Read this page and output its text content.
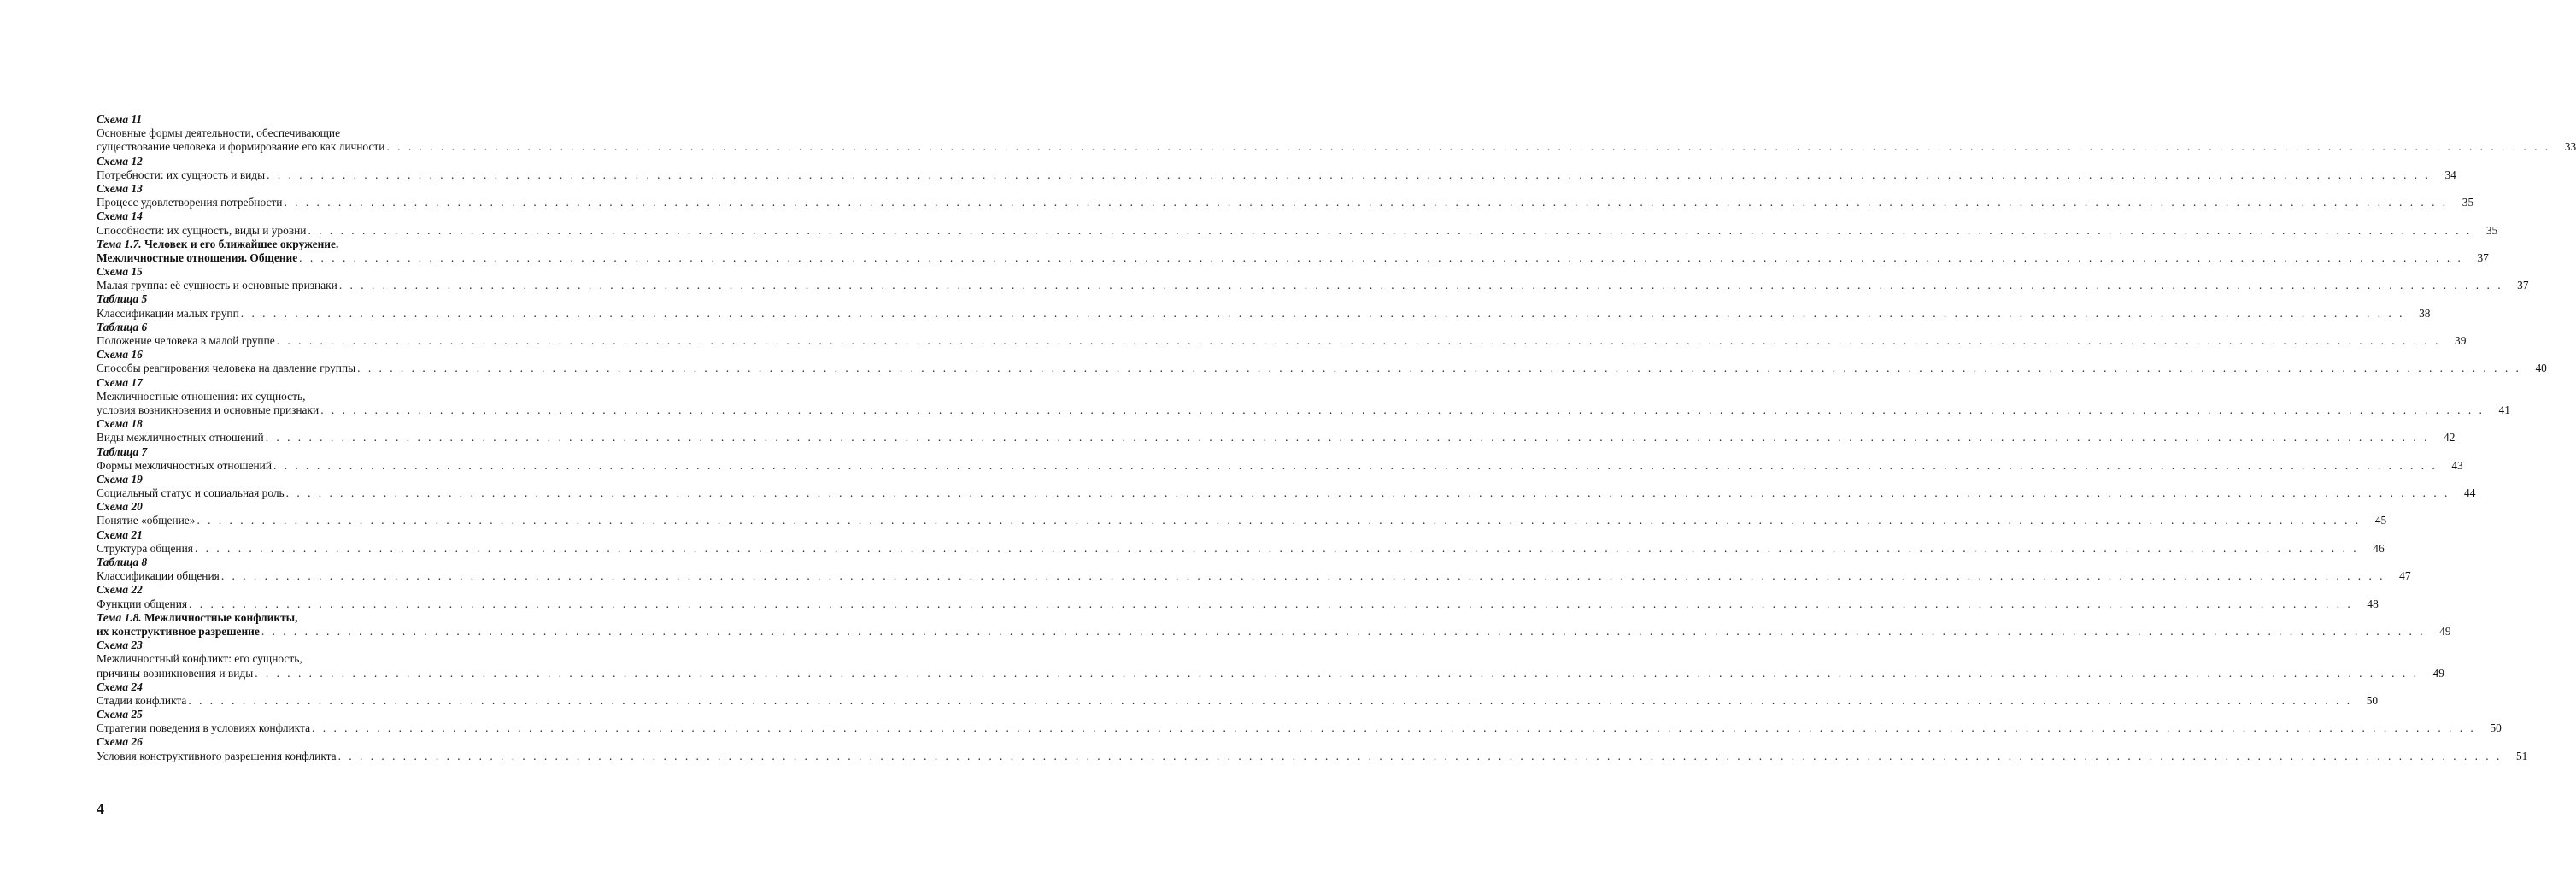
Схема 11
Основные формы деятельности, обеспечивающие
существование человека и формирование его как личности . . . . . . . . . . . . . . . . . . . . . . . . . . . . . . . . . . . . . . . . . . . . . . . . . . . . . . . . . . . . . . . . . . . . . . . . . . . . . . . . . . . . . . . . . . . . . . . . . . . . . . . . . . . . . . . . . . . . . . . . . . . . . . . . . . . . . . . . . . . . . . . . . . . . . . . . . . . . . . . . . . . . . . . . . . . . . . . . . . . . . . . . . . . . . . . . . . . . . . . .	33
Схема 12
Потребности: их сущность и виды . . . . . . . . . . . . . . . . . . . . . . . . . . . . . . . . . . . . . . . . . . . . . . . . . . . . . . . . . . . . . . . . . . . . . . . . . . . . . . . . . . . . . . . . . . . . . . . . . . . . . . . . . . . . . . . . . . . . . . . . . . . . . . . . . . . . . . . . . . . . . . . . . . . . . . . . . . . . . . . . . . . . . . . . . . . . . . . . . . . . . . . . . . . . . . . . . . . . . . . .	34
Схема 13
Процесс удовлетворения потребности . . . . . . . . . . . . . . . . . . . . . . . . . . . . . . . . . . . . . . . . . . . . . . . . . . . . . . . . . . . . . . . . . . . . . . . . . . . . . . . . . . . . . . . . . . . . . . . . . . . . . . . . . . . . . . . . . . . . . . . . . . . . . . . . . . . . . . . . . . . . . . . . . . . . . . . . . . . . . . . . . . . . . . . . . . . . . . . . . . . . . . . . . . . . . . . . . . . . . . . .	35
Схема 14
Способности: их сущность, виды и уровни . . . . . . . . . . . . . . . . . . . . . . . . . . . . . . . . . . . . . . . . . . . . . . . . . . . . . . . . . . . . . . . . . . . . . . . . . . . . . . . . . . . . . . . . . . . . . . . . . . . . . . . . . . . . . . . . . . . . . . . . . . . . . . . . . . . . . . . . . . . . . . . . . . . . . . . . . . . . . . . . . . . . . . . . . . . . . . . . . . . . . . . . . . . . . . . . . . . . . . . .	35
Тема 1.7.
Человек и его ближайшее окружение.
Межличностные отношения. Общение . . . . . . . . . . . . . . . . . . . . . . . . . . . . . . . . . . . . . . . . . . . . . . . . . . . . . . . . . . . . . . . . . . . . . . . . . . . . . . . . . . . . . . . . . . . . . . . . . . . . . . . . . . . . . . . . . . . . . . . . . . . . . . . . . . . . . . . . . . . . . . . . . . . . . . . . . . . . . . . . . . . . . . . . . . . . . . . . . . . . . . . . . . . . . . . . . . . . . . . .	37
Схема 15
Малая группа: её сущность и основные признаки . . . . . . . . . . . . . . . . . . . . . . . . . . . . . . . . . . . . . . . . . . . . . . . . . . . . . . . . . . . . . . . . . . . . . . . . . . . . . . . . . . . . . . . . . . . . . . . . . . . . . . . . . . . . . . . . . . . . . . . . . . . . . . . . . . . . . . . . . . . . . . . . . . . . . . . . . . . . . . . . . . . . . . . . . . . . . . . . . . . . . . . . . . . . . . . . . . . . . . . .	37
Таблица 5
Классификации малых групп . . . . . . . . . . . . . . . . . . . . . . . . . . . . . . . . . . . . . . . . . . . . . . . . . . . . . . . . . . . . . . . . . . . . . . . . . . . . . . . . . . . . . . . . . . . . . . . . . . . . . . . . . . . . . . . . . . . . . . . . . . . . . . . . . . . . . . . . . . . . . . . . . . . . . . . . . . . . . . . . . . . . . . . . . . . . . . . . . . . . . . . . . . . . . . . . . . . . . . . .	38
Таблица 6
Положение человека в малой группе . . . . . . . . . . . . . . . . . . . . . . . . . . . . . . . . . . . . . . . . . . . . . . . . . . . . . . . . . . . . . . . . . . . . . . . . . . . . . . . . . . . . . . . . . . . . . . . . . . . . . . . . . . . . . . . . . . . . . . . . . . . . . . . . . . . . . . . . . . . . . . . . . . . . . . . . . . . . . . . . . . . . . . . . . . . . . . . . . . . . . . . . . . . . . . . . . . . . . . . .	39
Схема 16
Способы реагирования человека на давление группы . . . . . . . . . . . . . . . . . . . . . . . . . . . . . . . . . . . . . . . . . . . . . . . . . . . . . . . . . . . . . . . . . . . . . . . . . . . . . . . . . . . . . . . . . . . . . . . . . . . . . . . . . . . . . . . . . . . . . . . . . . . . . . . . . . . . . . . . . . . . . . . . . . . . . . . . . . . . . . . . . . . . . . . . . . . . . . . . . . . . . . . . . . . . . . . . . . . . . . . .	40
Схема 17
Межличностные отношения: их сущность,
условия возникновения и основные признаки . . . . . . . . . . . . . . . . . . . . . . . . . . . . . . . . . . . . . . . . . . . . . . . . . . . . . . . . . . . . . . . . . . . . . . . . . . . . . . . . . . . . . . . . . . . . . . . . . . . . . . . . . . . . . . . . . . . . . . . . . . . . . . . . . . . . . . . . . . . . . . . . . . . . . . . . . . . . . . . . . . . . . . . . . . . . . . . . . . . . . . . . . . . . . . . . . . . . . . . .	41
Схема 18
Виды межличностных отношений . . . . . . . . . . . . . . . . . . . . . . . . . . . . . . . . . . . . . . . . . . . . . . . . . . . . . . . . . . . . . . . . . . . . . . . . . . . . . . . . . . . . . . . . . . . . . . . . . . . . . . . . . . . . . . . . . . . . . . . . . . . . . . . . . . . . . . . . . . . . . . . . . . . . . . . . . . . . . . . . . . . . . . . . . . . . . . . . . . . . . . . . . . . . . . . . . . . . . . . .	42
Таблица 7
Формы межличностных отношений . . . . . . . . . . . . . . . . . . . . . . . . . . . . . . . . . . . . . . . . . . . . . . . . . . . . . . . . . . . . . . . . . . . . . . . . . . . . . . . . . . . . . . . . . . . . . . . . . . . . . . . . . . . . . . . . . . . . . . . . . . . . . . . . . . . . . . . . . . . . . . . . . . . . . . . . . . . . . . . . . . . . . . . . . . . . . . . . . . . . . . . . . . . . . . . . . . . . . . . .	43
Схема 19
Социальный статус и социальная роль . . . . . . . . . . . . . . . . . . . . . . . . . . . . . . . . . . . . . . . . . . . . . . . . . . . . . . . . . . . . . . . . . . . . . . . . . . . . . . . . . . . . . . . . . . . . . . . . . . . . . . . . . . . . . . . . . . . . . . . . . . . . . . . . . . . . . . . . . . . . . . . . . . . . . . . . . . . . . . . . . . . . . . . . . . . . . . . . . . . . . . . . . . . . . . . . . . . . . . . .	44
Схема 20
Понятие «общение» . . . . . . . . . . . . . . . . . . . . . . . . . . . . . . . . . . . . . . . . . . . . . . . . . . . . . . . . . . . . . . . . . . . . . . . . . . . . . . . . . . . . . . . . . . . . . . . . . . . . . . . . . . . . . . . . . . . . . . . . . . . . . . . . . . . . . . . . . . . . . . . . . . . . . . . . . . . . . . . . . . . . . . . . . . . . . . . . . . . . . . . . . . . . . . . . . . . . . . . .	45
Схема 21
Структура общения . . . . . . . . . . . . . . . . . . . . . . . . . . . . . . . . . . . . . . . . . . . . . . . . . . . . . . . . . . . . . . . . . . . . . . . . . . . . . . . . . . . . . . . . . . . . . . . . . . . . . . . . . . . . . . . . . . . . . . . . . . . . . . . . . . . . . . . . . . . . . . . . . . . . . . . . . . . . . . . . . . . . . . . . . . . . . . . . . . . . . . . . . . . . . . . . . . . . . . . .	46
Таблица 8
Классификации общения . . . . . . . . . . . . . . . . . . . . . . . . . . . . . . . . . . . . . . . . . . . . . . . . . . . . . . . . . . . . . . . . . . . . . . . . . . . . . . . . . . . . . . . . . . . . . . . . . . . . . . . . . . . . . . . . . . . . . . . . . . . . . . . . . . . . . . . . . . . . . . . . . . . . . . . . . . . . . . . . . . . . . . . . . . . . . . . . . . . . . . . . . . . . . . . . . . . . . . . .	47
Схема 22
Функции общения . . . . . . . . . . . . . . . . . . . . . . . . . . . . . . . . . . . . . . . . . . . . . . . . . . . . . . . . . . . . . . . . . . . . . . . . . . . . . . . . . . . . . . . . . . . . . . . . . . . . . . . . . . . . . . . . . . . . . . . . . . . . . . . . . . . . . . . . . . . . . . . . . . . . . . . . . . . . . . . . . . . . . . . . . . . . . . . . . . . . . . . . . . . . . . . . . . . . . . . .	48
Тема 1.8.
Межличностные конфликты,
их конструктивное разрешение . . . . . . . . . . . . . . . . . . . . . . . . . . . . . . . . . . . . . . . . . . . . . . . . . . . . . . . . . . . . . . . . . . . . . . . . . . . . . . . . . . . . . . . . . . . . . . . . . . . . . . . . . . . . . . . . . . . . . . . . . . . . . . . . . . . . . . . . . . . . . . . . . . . . . . . . . . . . . . . . . . . . . . . . . . . . . . . . . . . . . . . . . . . . . . . . . . . . . . . .	49
Схема 23
Межличностный конфликт: его сущность,
причины возникновения и виды . . . . . . . . . . . . . . . . . . . . . . . . . . . . . . . . . . . . . . . . . . . . . . . . . . . . . . . . . . . . . . . . . . . . . . . . . . . . . . . . . . . . . . . . . . . . . . . . . . . . . . . . . . . . . . . . . . . . . . . . . . . . . . . . . . . . . . . . . . . . . . . . . . . . . . . . . . . . . . . . . . . . . . . . . . . . . . . . . . . . . . . . . . . . . . . . . . . . . . . .	49
Схема 24
Стадии конфликта . . . . . . . . . . . . . . . . . . . . . . . . . . . . . . . . . . . . . . . . . . . . . . . . . . . . . . . . . . . . . . . . . . . . . . . . . . . . . . . . . . . . . . . . . . . . . . . . . . . . . . . . . . . . . . . . . . . . . . . . . . . . . . . . . . . . . . . . . . . . . . . . . . . . . . . . . . . . . . . . . . . . . . . . . . . . . . . . . . . . . . . . . . . . . . . . . . . . . . . .	50
Схема 25
Стратегии поведения в условиях конфликта . . . . . . . . . . . . . . . . . . . . . . . . . . . . . . . . . . . . . . . . . . . . . . . . . . . . . . . . . . . . . . . . . . . . . . . . . . . . . . . . . . . . . . . . . . . . . . . . . . . . . . . . . . . . . . . . . . . . . . . . . . . . . . . . . . . . . . . . . . . . . . . . . . . . . . . . . . . . . . . . . . . . . . . . . . . . . . . . . . . . . . . . . . . . . . . . . . . . . . . .	50
Схема 26
Условия конструктивного разрешения конфликта . . . . . . . . . . . . . . . . . . . . . . . . . . . . . . . . . . . . . . . . . . . . . . . . . . . . . . . . . . . . . . . . . . . . . . . . . . . . . . . . . . . . . . . . . . . . . . . . . . . . . . . . . . . . . . . . . . . . . . . . . . . . . . . . . . . . . . . . . . . . . . . . . . . . . . . . . . . . . . . . . . . . . . . . . . . . . . . . . . . . . . . . . . . . . . . . . . . . . . . .	51
4
